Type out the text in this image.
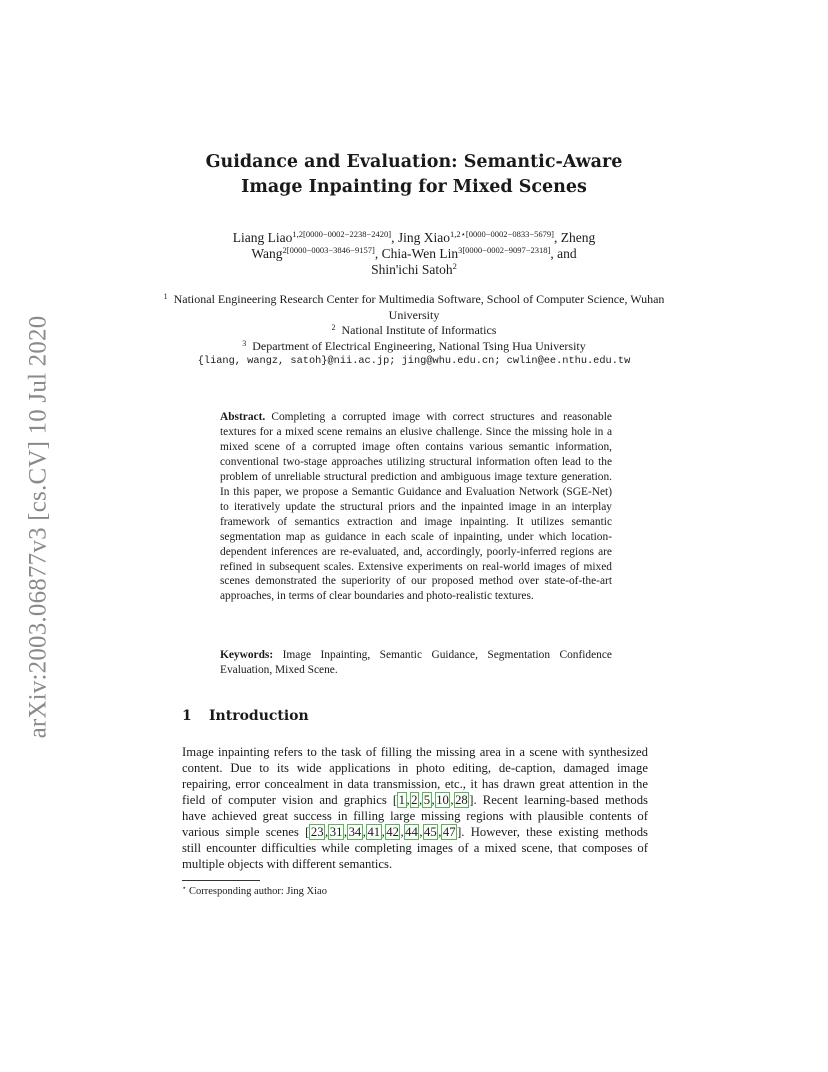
arXiv:2003.06877v3 [cs.CV] 10 Jul 2020
Guidance and Evaluation: Semantic-Aware
Image Inpainting for Mixed Scenes
Liang Liao$^{1,2[0000-0002-2238-2420]}$, Jing Xiao$^{1,2⋆[0000-0002-0833-5679]}$, Zheng Wang$^{2[0000-0003-3846-9157]}$, Chia-Wen Lin$^{3[0000-0002-9097-2318]}$, and
Shin'ichi Satoh$^2$
$^1$ National Engineering Research Center for Multimedia Software, School of Computer Science, Wuhan University
$^2$ National Institute of Informatics
$^3$ Department of Electrical Engineering, National Tsing Hua University
{liang, wangz, satoh}@nii.ac.jp; jing@whu.edu.cn; cwlin@ee.nthu.edu.tw
Abstract. Completing a corrupted image with correct structures and reasonable textures for a mixed scene remains an elusive challenge. Since the missing hole in a mixed scene of a corrupted image often contains various semantic information, conventional two-stage approaches utilizing structural information often lead to the problem of unreliable structural prediction and ambiguous image texture generation. In this paper, we propose a Semantic Guidance and Evaluation Network (SGE-Net) to iteratively update the structural priors and the inpainted image in an interplay framework of semantics extraction and image inpainting. It utilizes semantic segmentation map as guidance in each scale of inpainting, under which location-dependent inferences are re-evaluated, and, accordingly, poorly-inferred regions are refined in subsequent scales. Extensive experiments on real-world images of mixed scenes demonstrated the superiority of our proposed method over state-of-the-art approaches, in terms of clear boundaries and photo-realistic textures.
Keywords: Image Inpainting, Semantic Guidance, Segmentation Confidence Evaluation, Mixed Scene.
1 Introduction

Image inpainting refers to the task of filling the missing area in a scene with synthesized content. Due to its wide applications in photo editing, de-caption, damaged image repairing, error concealment in data transmission, etc., it has drawn great attention in the field of computer vision and graphics [ 1 , 2 , 5 , 10 , 28 ]. Recent learning-based methods have achieved great success in filling large missing regions with plausible contents of various simple scenes [ 23 , 31 , 34 , 41 , 42 , 44 , 45 , 47 ]. However, these existing methods still encounter difficulties while completing images of a mixed scene, that composes of multiple objects with different semantics.

⋆ Corresponding author: Jing Xiao
